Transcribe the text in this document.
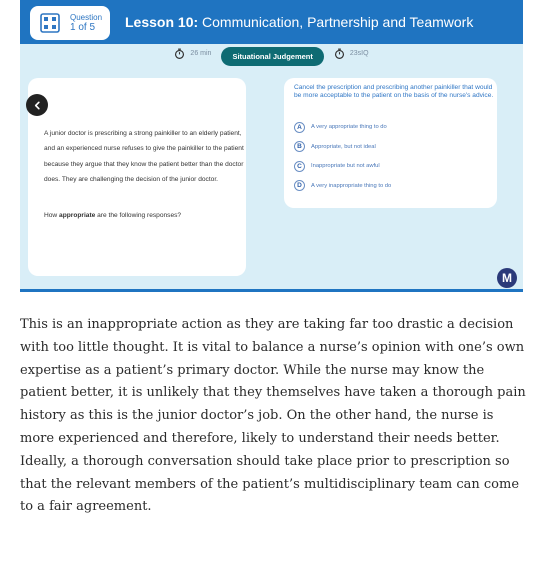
Question
1 of 5	Lesson 10: Communication, Partnership and Teamwork
26 min	Situational Judgement	23sIQ
A junior doctor is prescribing a strong painkiller to an elderly patient, and an experienced nurse refuses to give the painkiller to the patient because they argue that they know the patient better than the doctor does. They are challenging the decision of the junior doctor.
How appropriate are the following responses?
Cancel the prescription and prescribing another painkiller that would be more acceptable to the patient on the basis of the nurse's advice.
A	A very appropriate thing to do
B	Appropriate, but not ideal
C	Inappropriate but not awful
D	A very inappropriate thing to do
M

This is an inappropriate action as they are taking far too drastic a decision with too little thought. It is vital to balance a nurse’s opinion with one’s own expertise as a patient’s primary doctor. While the nurse may know the patient better, it is unlikely that they themselves have taken a thorough pain history as this is the junior doctor’s job. On the other hand, the nurse is more experienced and therefore, likely to understand their needs better. Ideally, a thorough conversation should take place prior to prescription so that the relevant members of the patient’s multidisciplinary team can come to a fair agreement.
